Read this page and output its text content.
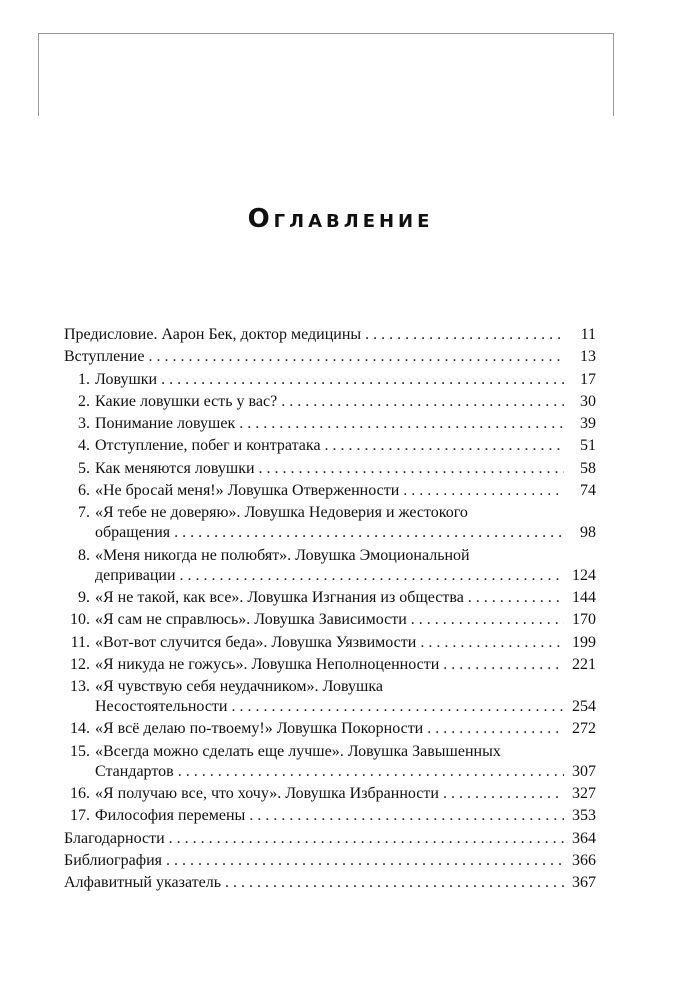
Оглавление
Предисловие. Аарон Бек, доктор медицины . . .	11
Вступление . . .	13
1. Ловушки . . .	17
2. Какие ловушки есть у вас? . . .	30
3. Понимание ловушек . . .	39
4. Отступление, побег и контратака . . .	51
5. Как меняются ловушки . . .	58
6. «Не бросай меня!» Ловушка Отверженности . . .	74
7. «Я тебе не доверяю». Ловушка Недоверия и жестокого
обращения . . .	98
8. «Меня никогда не полюбят». Ловушка Эмоциональной
депривации . . .	124
9. «Я не такой, как все». Ловушка Изгнания из общества . . .	144
10. «Я сам не справлюсь». Ловушка Зависимости . . .	170
11. «Вот-вот случится беда». Ловушка Уязвимости . . .	199
12. «Я никуда не гожусь». Ловушка Неполноценности . . .	221
13. «Я чувствую себя неудачником». Ловушка
Несостоятельности . . .	254
14. «Я всё делаю по-твоему!» Ловушка Покорности . . .	272
15. «Всегда можно сделать еще лучше». Ловушка Завышенных
Стандартов . . .	307
16. «Я получаю все, что хочу». Ловушка Избранности . . .	327
17. Философия перемены . . .	353
Благодарности . . .	364
Библиография . . .	366
Алфавитный указатель . . .	367
